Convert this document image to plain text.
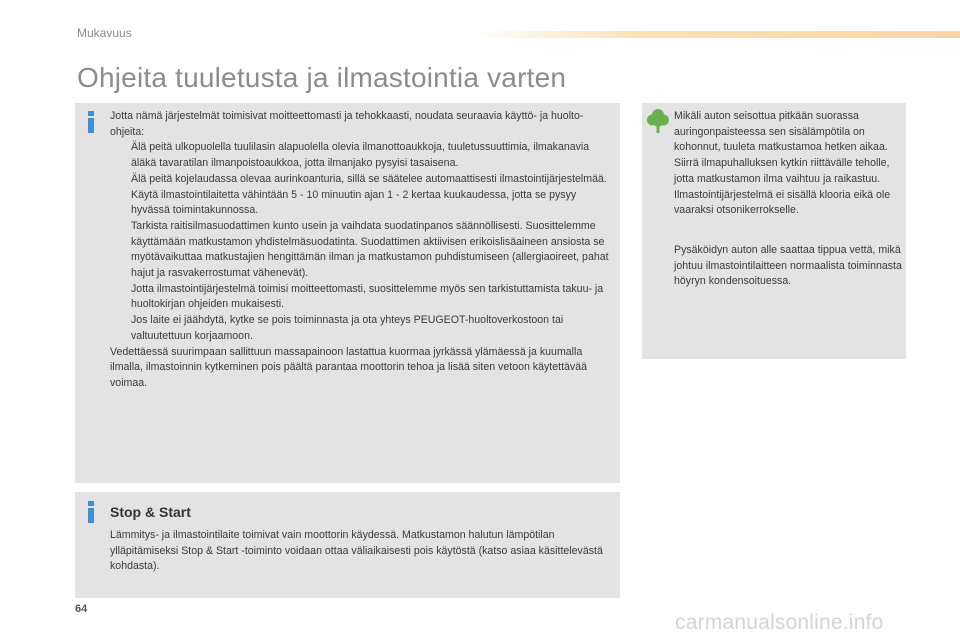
Mukavuus
Ohjeita tuuletusta ja ilmastointia varten

Jotta nämä järjestelmät toimisivat moitteettomasti ja tehokkaasti, noudata seuraavia käyttö- ja huolto-ohjeita:

Älä peitä ulkopuolella tuulilasin alapuolella olevia ilmanottoaukkoja, tuuletussuuttimia, ilmakanavia äläkä tavaratilan ilmanpoistoaukkoa, jotta ilmanjako pysyisi tasaisena.
Älä peitä kojelaudassa olevaa aurinkoanturia, sillä se säätelee automaattisesti ilmastointijärjestelmää.
Käytä ilmastointilaitetta vähintään 5 - 10 minuutin ajan 1 - 2 kertaa kuukaudessa, jotta se pysyy hyvässä toimintakunnossa.
Tarkista raitisilmasuodattimen kunto usein ja vaihdata suodatinpanos säännöllisesti. Suosittelemme käyttämään matkustamon yhdistelmäsuodatinta. Suodattimen aktiivisen erikoislisäaineen ansiosta se myötävaikuttaa matkustajien hengittämän ilman ja matkustamon puhdistumiseen (allergiaoireet, pahat hajut ja rasvakerrostumat vähenevät).
Jotta ilmastointijärjestelmä toimisi moitteettomasti, suosittelemme myös sen tarkistuttamista takuu- ja huoltokirjan ohjeiden mukaisesti.
Jos laite ei jäähdytä, kytke se pois toiminnasta ja ota yhteys PEUGEOT-huoltoverkostoon tai valtuutettuun korjaamoon.

Vedettäessä suurimpaan sallittuun massapainoon lastattua kuormaa jyrkässä ylämäessä ja kuumalla ilmalla, ilmastoinnin kytkeminen pois päältä parantaa moottorin tehoa ja lisää siten vetoon käytettävää voimaa.

Mikäli auton seisottua pitkään suorassa auringonpaisteessa sen sisälämpötila on kohonnut, tuuleta matkustamoa hetken aikaa.

Siirrä ilmapuhalluksen kytkin riittävälle teholle, jotta matkustamon ilma vaihtuu ja raikastuu.

Ilmastointijärjestelmä ei sisällä klooria eikä ole vaaraksi otsonikerrokselle.

Pysäköidyn auton alle saattaa tippua vettä, mikä johtuu ilmastointilaitteen normaalista toiminnasta höyryn kondensoituessa.

Stop & Start
Lämmitys- ja ilmastointilaite toimivat vain moottorin käydessä. Matkustamon halutun lämpötilan ylläpitämiseksi Stop & Start -toiminto voidaan ottaa väliaikaisesti pois käytöstä (katso asiaa käsittelevästä kohdasta).
64
carmanualsonline.info
